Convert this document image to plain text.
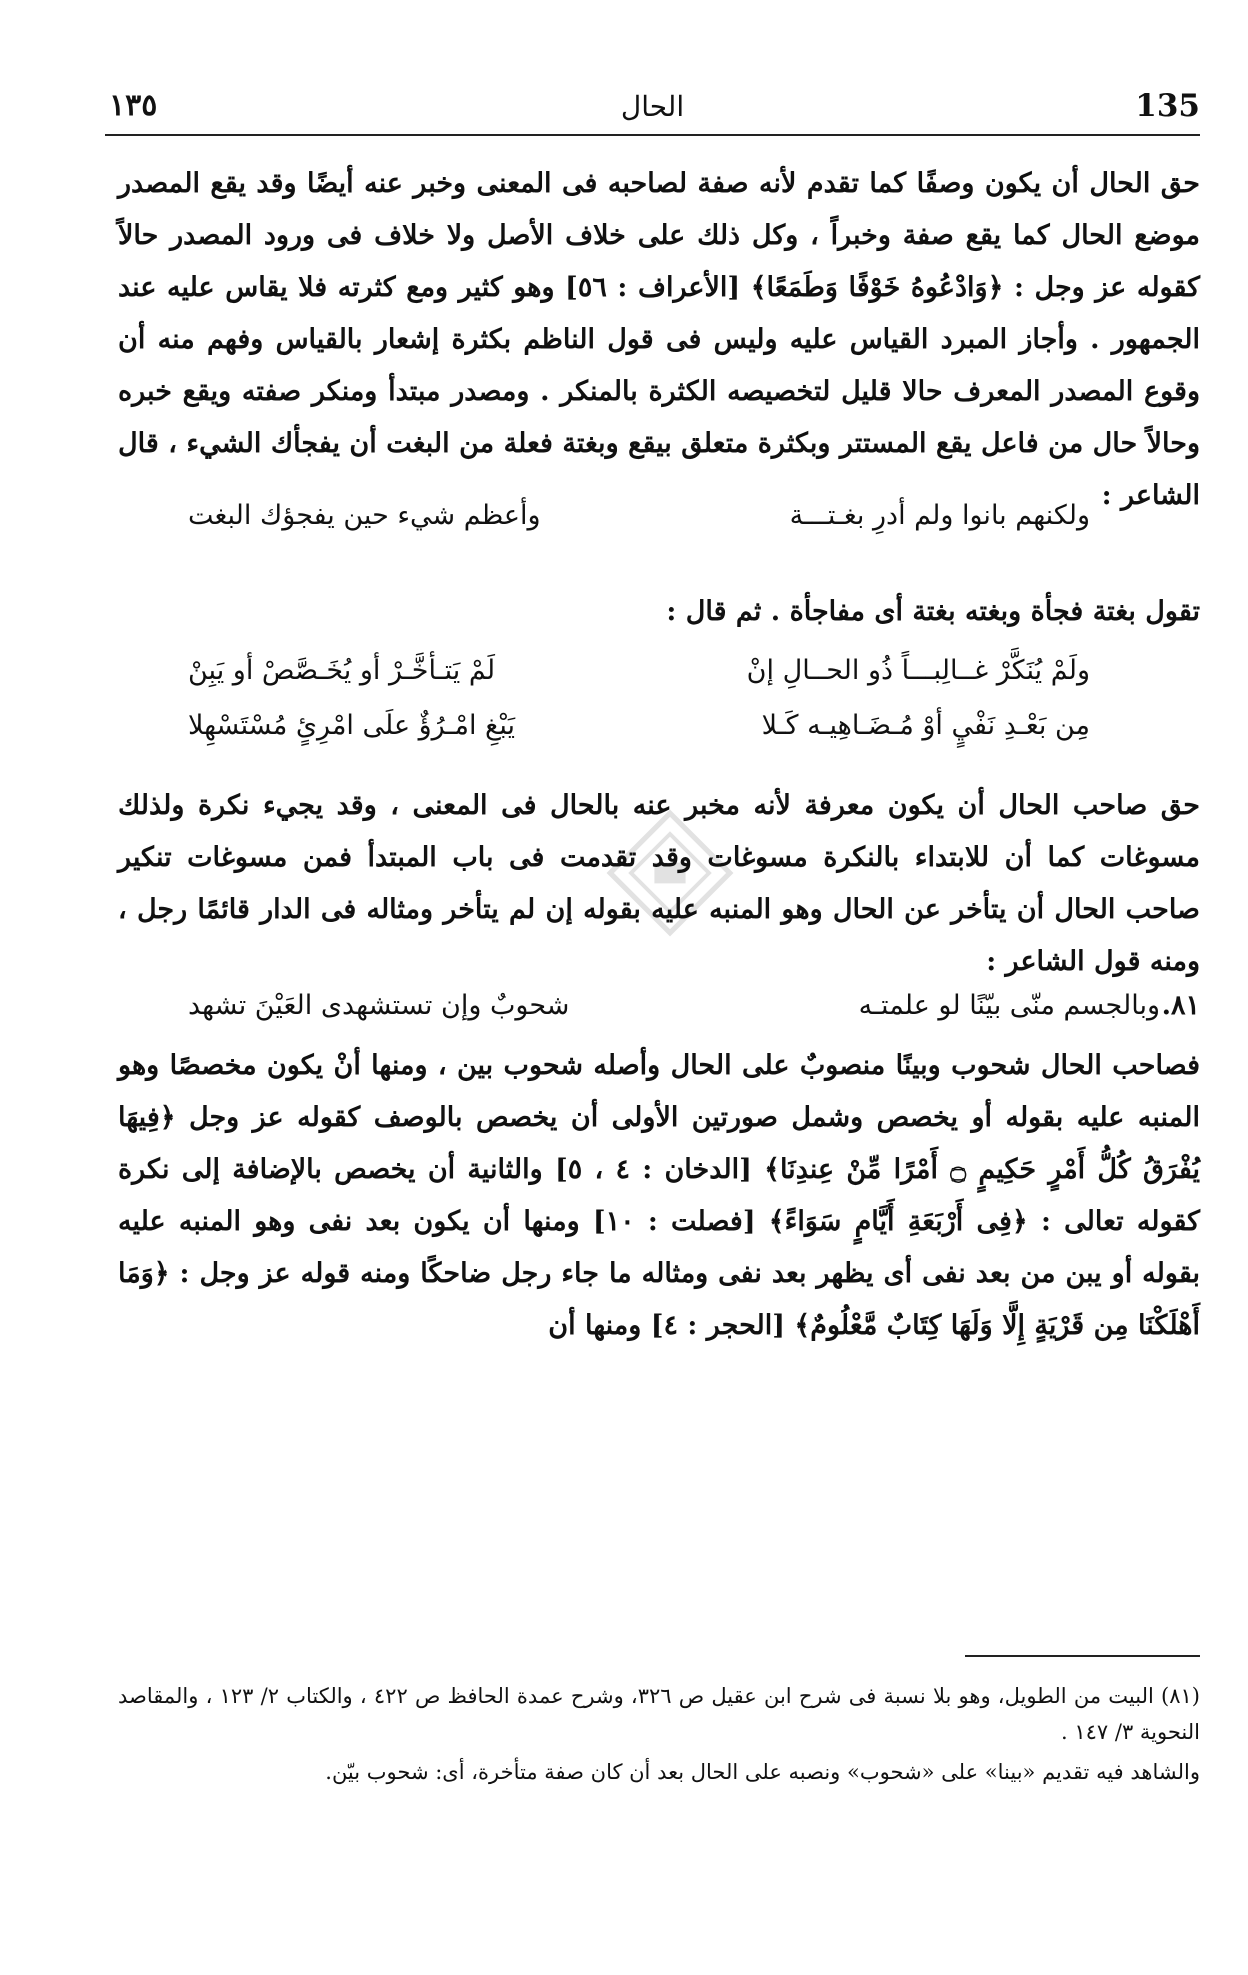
135
الحال
١٣٥

حق الحال أن يكون وصفًا كما تقدم لأنه صفة لصاحبه فى المعنى وخبر عنه أيضًا وقد يقع المصدر موضع الحال كما يقع صفة وخبراً ، وكل ذلك على خلاف الأصل ولا خلاف فى ورود المصدر حالاً كقوله عز وجل : ﴿وَادْعُوهُ خَوْفًا وَطَمَعًا﴾ [الأعراف : ٥٦] وهو كثير ومع كثرته فلا يقاس عليه عند الجمهور . وأجاز المبرد القياس عليه وليس فى قول الناظم بكثرة إشعار بالقياس وفهم منه أن وقوع المصدر المعرف حالا قليل لتخصيصه الكثرة بالمنكر . ومصدر مبتدأ ومنكر صفته ويقع خبره وحالاً حال من فاعل يقع المستتر وبكثرة متعلق بيقع وبغتة فعلة من البغت أن يفجأك الشيء ، قال الشاعر :

ولكنهم بانوا ولم أدرِ بغـتـــة
وأعظم شيء حين يفجؤك البغت
تقول بغتة فجأة وبغته بغتة أى مفاجأة . ثم قال :
ولَمْ يُنَكَّرْ غــالِبـــاً ذُو الحــالِ إنْ
لَمْ يَتـأخَّـرْ أو يُخَـصَّصْ أو يَبِنْ
مِن بَعْـدِ نَفْيٍ أوْ مُـضَـاهِيـه كَـلا
يَبْغِ امْـرُؤٌ علَى امْرِئٍ مُسْتَسْهِلا

حق صاحب الحال أن يكون معرفة لأنه مخبر عنه بالحال فى المعنى ، وقد يجيء نكرة ولذلك مسوغات كما أن للابتداء بالنكرة مسوغات وقد تقدمت فى باب المبتدأ فمن مسوغات تنكير صاحب الحال أن يتأخر عن الحال وهو المنبه عليه بقوله إن لم يتأخر ومثاله فى الدار قائمًا رجل ، ومنه قول الشاعر :

٨١.
وبالجسم منّى بيّنًا لو علمتـه
شحوبٌ وإن تستشهدى العَيْنَ تشهد

فصاحب الحال شحوب وبينًا منصوبٌ على الحال وأصله شحوب بين ، ومنها أنْ يكون مخصصًا وهو المنبه عليه بقوله أو يخصص وشمل صورتين الأولى أن يخصص بالوصف كقوله عز وجل ﴿فِيهَا يُفْرَقُ كُلُّ أَمْرٍ حَكِيمٍ ۝ أَمْرًا مِّنْ عِندِنَا﴾ [الدخان : ٤ ، ٥] والثانية أن يخصص بالإضافة إلى نكرة كقوله تعالى : ﴿فِى أَرْبَعَةِ أَيَّامٍ سَوَاءً﴾ [فصلت : ١٠] ومنها أن يكون بعد نفى وهو المنبه عليه بقوله أو يبن من بعد نفى أى يظهر بعد نفى ومثاله ما جاء رجل ضاحكًا ومنه قوله عز وجل : ﴿وَمَا أَهْلَكْنَا مِن قَرْيَةٍ إِلَّا وَلَهَا كِتَابٌ مَّعْلُومٌ﴾ [الحجر : ٤] ومنها أن

(٨١) البيت من الطويل، وهو بلا نسبة فى شرح ابن عقيل ص ٣٢٦، وشرح عمدة الحافظ ص ٤٢٢ ، والكتاب ٢/ ١٢٣ ، والمقاصد النحوية ٣/ ١٤٧ .

والشاهد فيه تقديم «بينا» على «شحوب» ونصبه على الحال بعد أن كان صفة متأخرة، أى: شحوب بيّن.
